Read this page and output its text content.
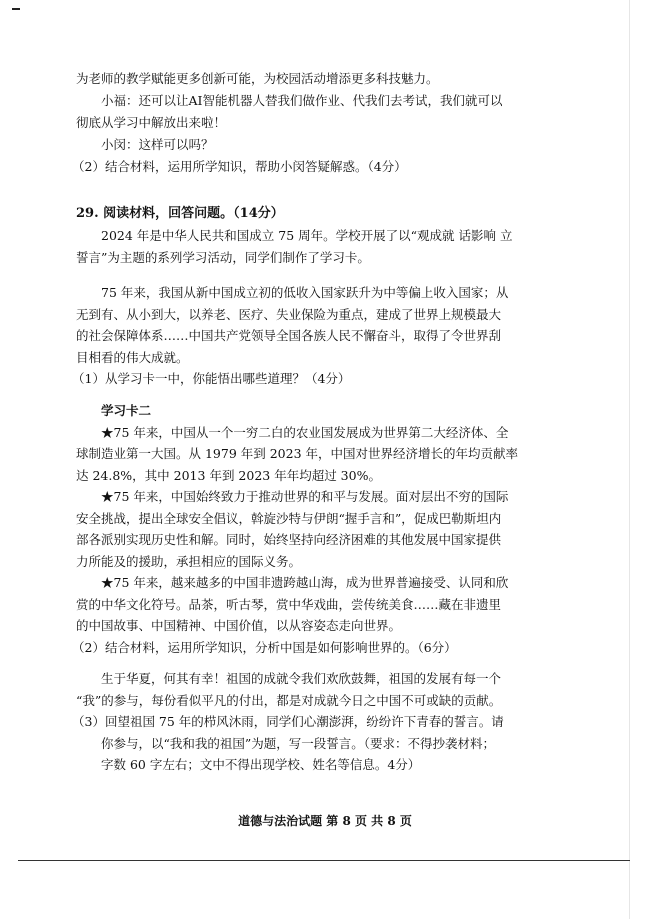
为老师的教学赋能更多创新可能，为校园活动增添更多科技魅力。
小福：还可以让AI智能机器人替我们做作业、代我们去考试，我们就可以
彻底从学习中解放出来啦！
小闵：这样可以吗？
（2）结合材料，运用所学知识，帮助小闵答疑解惑。（4分）
29. 阅读材料，回答问题。（14分）
2024 年是中华人民共和国成立 75 周年。学校开展了以“观成就 话影响 立
誓言”为主题的系列学习活动，同学们制作了学习卡。
75 年来，我国从新中国成立初的低收入国家跃升为中等偏上收入国家；从
无到有、从小到大，以养老、医疗、失业保险为重点，建成了世界上规模最大
的社会保障体系……中国共产党领导全国各族人民不懈奋斗，取得了令世界刮
目相看的伟大成就。
（1）从学习卡一中，你能悟出哪些道理？（4分）
学习卡二
★75 年来，中国从一个一穷二白的农业国发展成为世界第二大经济体、全
球制造业第一大国。从 1979 年到 2023 年，中国对世界经济增长的年均贡献率
达 24.8%，其中 2013 年到 2023 年年均超过 30%。
★75 年来，中国始终致力于推动世界的和平与发展。面对层出不穷的国际
安全挑战，提出全球安全倡议，斡旋沙特与伊朗“握手言和”，促成巴勒斯坦内
部各派别实现历史性和解。同时，始终坚持向经济困难的其他发展中国家提供
力所能及的援助，承担相应的国际义务。
★75 年来，越来越多的中国非遗跨越山海，成为世界普遍接受、认同和欣
赏的中华文化符号。品茶，听古琴，赏中华戏曲，尝传统美食……藏在非遗里
的中国故事、中国精神、中国价值，以从容姿态走向世界。
（2）结合材料，运用所学知识，分析中国是如何影响世界的。（6分）
生于华夏，何其有幸！祖国的成就令我们欢欣鼓舞，祖国的发展有每一个
“我”的参与，每份看似平凡的付出，都是对成就今日之中国不可或缺的贡献。
（3）回望祖国 75 年的栉风沐雨，同学们心潮澎湃，纷纷许下青春的誓言。请
你参与，以“我和我的祖国”为题，写一段誓言。（要求：不得抄袭材料；
字数 60 字左右；文中不得出现学校、姓名等信息。4分）
道德与法治试题 第 8 页 共 8 页
